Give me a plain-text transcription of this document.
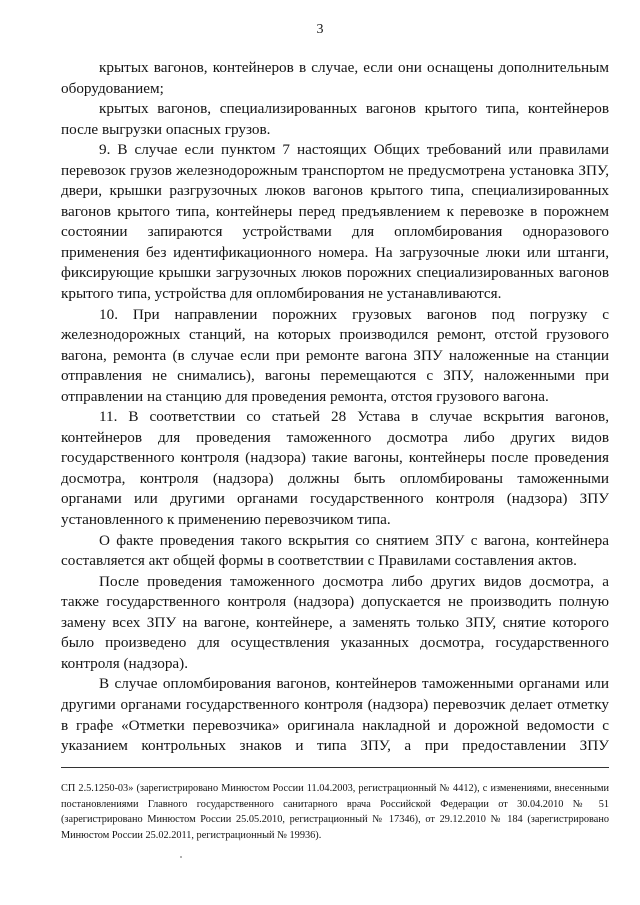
3

крытых вагонов, контейнеров в случае, если они оснащены дополнительным оборудованием;

крытых вагонов, специализированных вагонов крытого типа, контейнеров после выгрузки опасных грузов.

9. В случае если пунктом 7 настоящих Общих требований или правилами перевозок грузов железнодорожным транспортом не предусмотрена установка ЗПУ, двери, крышки разгрузочных люков вагонов крытого типа, специализированных вагонов крытого типа, контейнеры перед предъявлением к перевозке в порожнем состоянии запираются устройствами для опломбирования одноразового применения без идентификационного номера. На загрузочные люки или штанги, фиксирующие крышки загрузочных люков порожних специализированных вагонов крытого типа, устройства для опломбирования не устанавливаются.

10. При направлении порожних грузовых вагонов под погрузку с железнодорожных станций, на которых производился ремонт, отстой грузового вагона, ремонта (в случае если при ремонте вагона ЗПУ наложенные на станции отправления не снимались), вагоны перемещаются с ЗПУ, наложенными при отправлении на станцию для проведения ремонта, отстоя грузового вагона.

11. В соответствии со статьей 28 Устава в случае вскрытия вагонов, контейнеров для проведения таможенного досмотра либо других видов государственного контроля (надзора) такие вагоны, контейнеры после проведения досмотра, контроля (надзора) должны быть опломбированы таможенными органами или другими органами государственного контроля (надзора) ЗПУ установленного к применению перевозчиком типа.

О факте проведения такого вскрытия со снятием ЗПУ с вагона, контейнера составляется акт общей формы в соответствии с Правилами составления актов.

После проведения таможенного досмотра либо других видов досмотра, а также государственного контроля (надзора) допускается не производить полную замену всех ЗПУ на вагоне, контейнере, а заменять только ЗПУ, снятие которого было произведено для осуществления указанных досмотра, государственного контроля (надзора).

В случае опломбирования вагонов, контейнеров таможенными органами или другими органами государственного контроля (надзора) перевозчик делает отметку в графе «Отметки перевозчика» оригинала накладной и дорожной ведомости с указанием контрольных знаков и типа ЗПУ, а при предоставлении ЗПУ

СП 2.5.1250-03» (зарегистрировано Минюстом России 11.04.2003, регистрационный № 4412), с изменениями, внесенными постановлениями Главного государственного санитарного врача Российской Федерации от 30.04.2010 № 51 (зарегистрировано Минюстом России 25.05.2010, регистрационный № 17346), от 29.12.2010 № 184 (зарегистрировано Минюстом России 25.02.2011, регистрационный № 19936).
